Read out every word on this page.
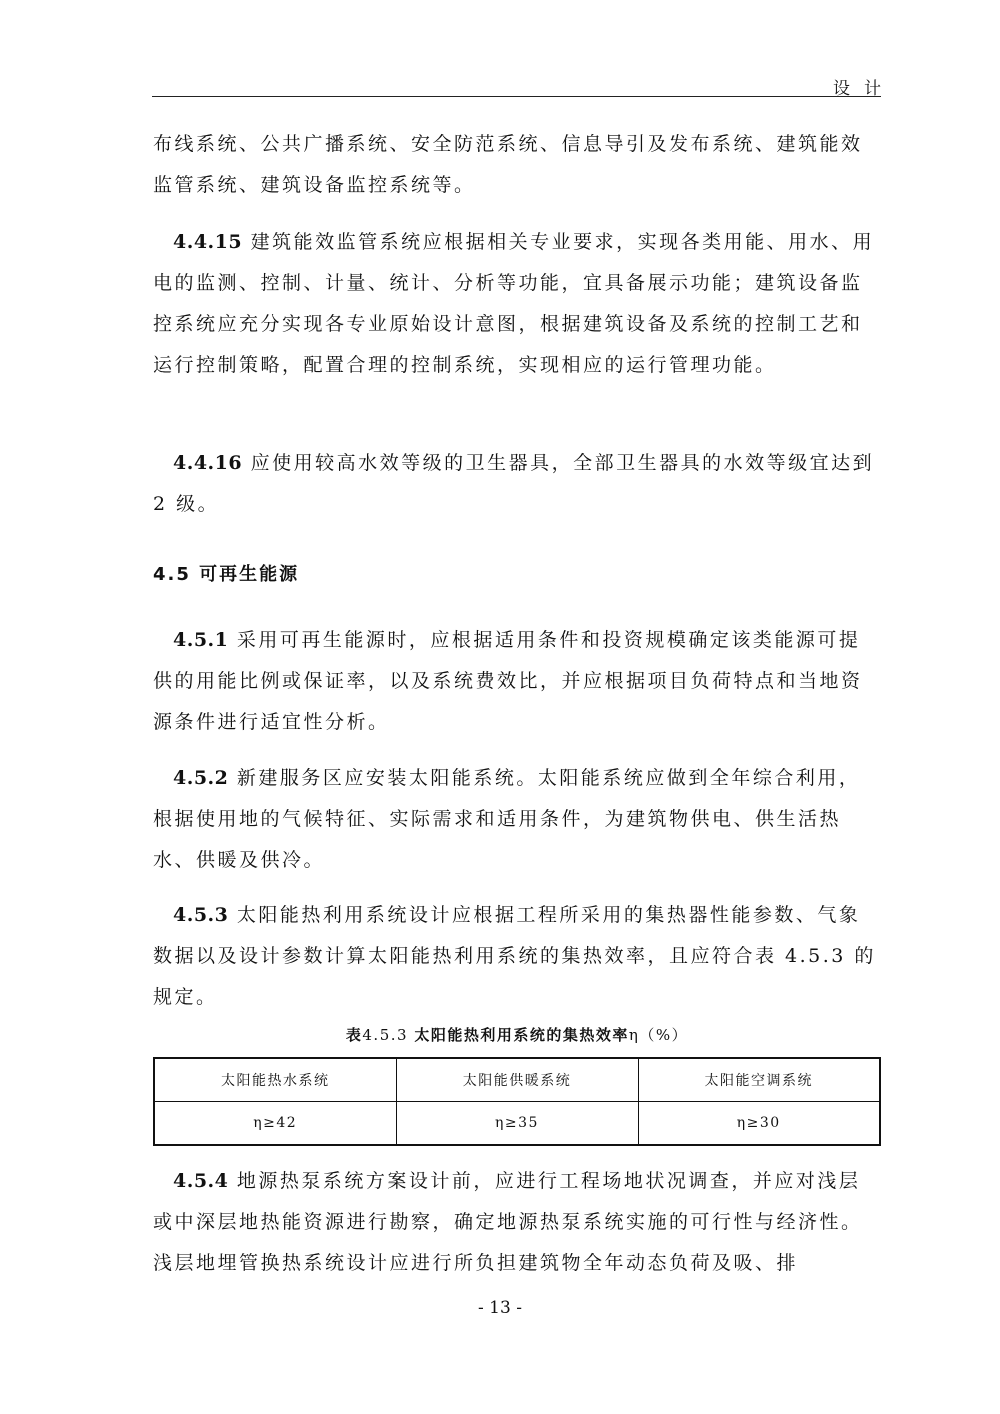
设计

布线系统、公共广播系统、安全防范系统、信息导引及发布系统、建筑能效监管系统、建筑设备监控系统等。

4.4.15 建筑能效监管系统应根据相关专业要求，实现各类用能、用水、用电的监测、控制、计量、统计、分析等功能，宜具备展示功能；建筑设备监控系统应充分实现各专业原始设计意图，根据建筑设备及系统的控制工艺和运行控制策略，配置合理的控制系统，实现相应的运行管理功能。

4.4.16 应使用较高水效等级的卫生器具，全部卫生器具的水效等级宜达到 2 级。

4.5 可再生能源

4.5.1 采用可再生能源时，应根据适用条件和投资规模确定该类能源可提供的用能比例或保证率，以及系统费效比，并应根据项目负荷特点和当地资源条件进行适宜性分析。

4.5.2 新建服务区应安装太阳能系统。太阳能系统应做到全年综合利用，根据使用地的气候特征、实际需求和适用条件，为建筑物供电、供生活热水、供暖及供冷。

4.5.3 太阳能热利用系统设计应根据工程所采用的集热器性能参数、气象数据以及设计参数计算太阳能热利用系统的集热效率，且应符合表 4.5.3 的规定。

表4.5.3 太阳能热利用系统的集热效率η（%）
太阳能热水系统	太阳能供暖系统	太阳能空调系统
η≥42	η≥35	η≥30

4.5.4 地源热泵系统方案设计前，应进行工程场地状况调查，并应对浅层或中深层地热能资源进行勘察，确定地源热泵系统实施的可行性与经济性。浅层地埋管换热系统设计应进行所负担建筑物全年动态负荷及吸、排

- 13 -
